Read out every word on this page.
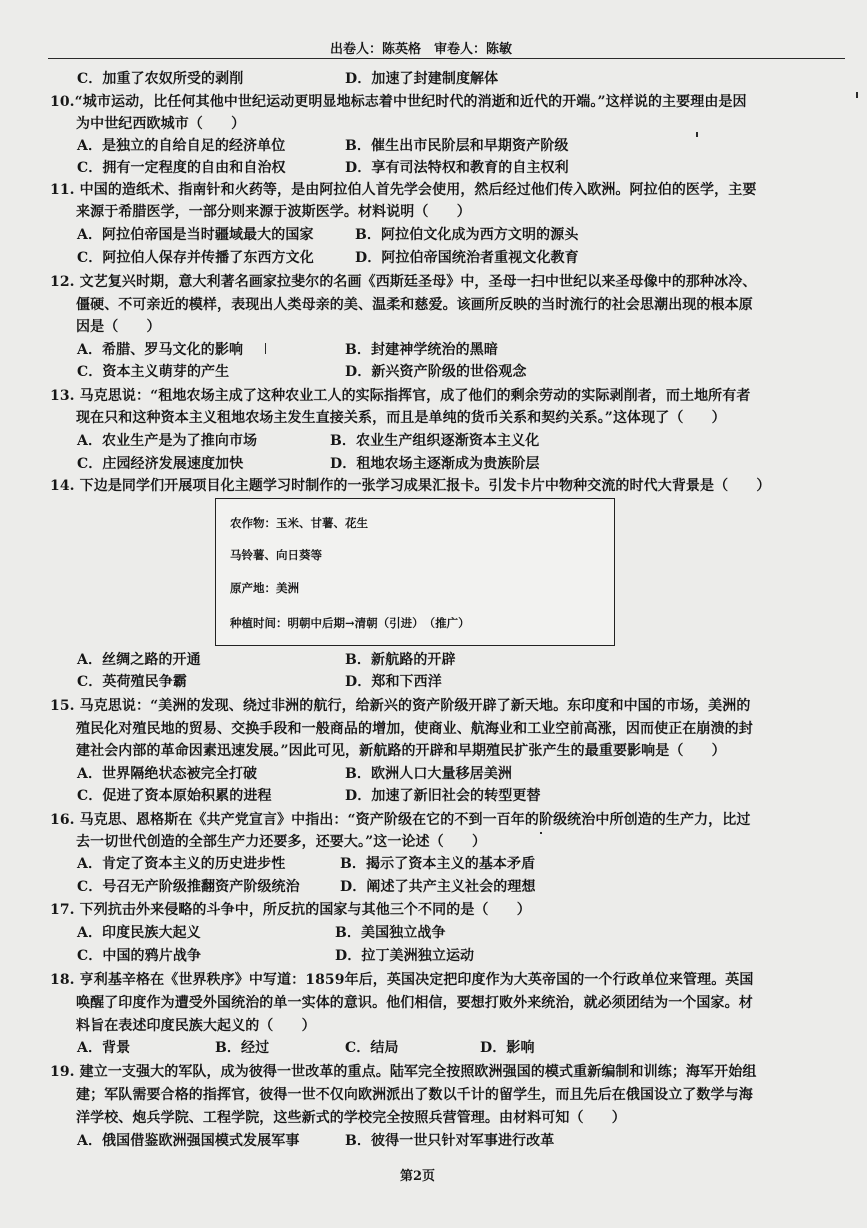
出卷人：陈英格　审卷人：陈敏
C．加重了农奴所受的剥削	D．加速了封建制度解体
10.“城市运动，比任何其他中世纪运动更明显地标志着中世纪时代的消逝和近代的开端。”这样说的主要理由是因
为中世纪西欧城市（　　）
A．是独立的自给自足的经济单位	B．催生出市民阶层和早期资产阶级
C．拥有一定程度的自由和自治权	D．享有司法特权和教育的自主权利
11. 中国的造纸术、指南针和火药等，是由阿拉伯人首先学会使用，然后经过他们传入欧洲。阿拉伯的医学，主要
来源于希腊医学，一部分则来源于波斯医学。材料说明（　　）
A．阿拉伯帝国是当时疆域最大的国家	B．阿拉伯文化成为西方文明的源头
C．阿拉伯人保存并传播了东西方文化	D．阿拉伯帝国统治者重视文化教育
12. 文艺复兴时期，意大利著名画家拉斐尔的名画《西斯廷圣母》中，圣母一扫中世纪以来圣母像中的那种冰冷、
僵硬、不可亲近的模样，表现出人类母亲的美、温柔和慈爱。该画所反映的当时流行的社会思潮出现的根本原
因是（　　）
A．希腊、罗马文化的影响	B．封建神学统治的黑暗
C．资本主义萌芽的产生	D．新兴资产阶级的世俗观念
13. 马克思说：“租地农场主成了这种农业工人的实际指挥官，成了他们的剩余劳动的实际剥削者，而土地所有者
现在只和这种资本主义租地农场主发生直接关系，而且是单纯的货币关系和契约关系。”这体现了（　　）
A．农业生产是为了推向市场	B．农业生产组织逐渐资本主义化
C．庄园经济发展速度加快	D．租地农场主逐渐成为贵族阶层
14. 下边是同学们开展项目化主题学习时制作的一张学习成果汇报卡。引发卡片中物种交流的时代大背景是（　　）
A．丝绸之路的开通	B．新航路的开辟
C．英荷殖民争霸	D．郑和下西洋
15. 马克思说：“美洲的发现、绕过非洲的航行，给新兴的资产阶级开辟了新天地。东印度和中国的市场，美洲的
殖民化对殖民地的贸易、交换手段和一般商品的增加，使商业、航海业和工业空前高涨，因而使正在崩溃的封
建社会内部的革命因素迅速发展。”因此可见，新航路的开辟和早期殖民扩张产生的最重要影响是（　　）
A．世界隔绝状态被完全打破	B．欧洲人口大量移居美洲
C．促进了资本原始积累的进程	D．加速了新旧社会的转型更替
16. 马克思、恩格斯在《共产党宣言》中指出：“资产阶级在它的不到一百年的阶级统治中所创造的生产力，比过
去一切世代创造的全部生产力还要多，还要大。”这一论述（　　）
A．肯定了资本主义的历史进步性	B．揭示了资本主义的基本矛盾
C．号召无产阶级推翻资产阶级统治	D．阐述了共产主义社会的理想
17. 下列抗击外来侵略的斗争中，所反抗的国家与其他三个不同的是（　　）
A．印度民族大起义	B．美国独立战争
C．中国的鸦片战争	D．拉丁美洲独立运动
18. 亨利基辛格在《世界秩序》中写道：1859年后，英国决定把印度作为大英帝国的一个行政单位来管理。英国
唤醒了印度作为遭受外国统治的单一实体的意识。他们相信，要想打败外来统治，就必须团结为一个国家。材
料旨在表述印度民族大起义的（　　）
A．背景	B．经过	C．结局	D．影响
19. 建立一支强大的军队，成为彼得一世改革的重点。陆军完全按照欧洲强国的模式重新编制和训练；海军开始组
建；军队需要合格的指挥官，彼得一世不仅向欧洲派出了数以千计的留学生，而且先后在俄国设立了数学与海
洋学校、炮兵学院、工程学院，这些新式的学校完全按照兵营管理。由材料可知（　　）
A．俄国借鉴欧洲强国模式发展军事	B．彼得一世只针对军事进行改革
农作物：玉米、甘薯、花生
马铃薯、向日葵等
原产地：美洲
种植时间：明朝中后期→清朝（引进）　（推广）
第2页
